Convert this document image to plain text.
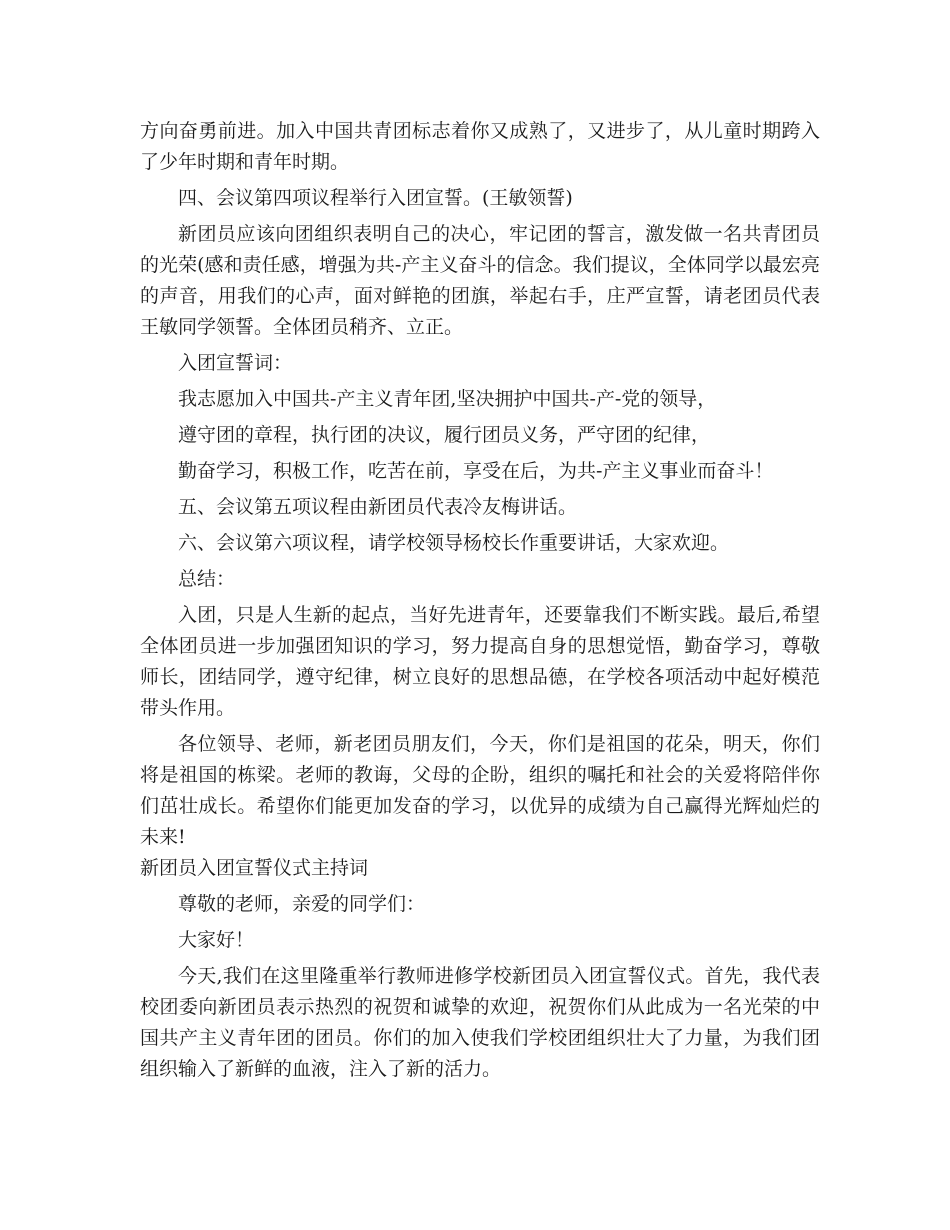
方向奋勇前进。加入中国共青团标志着你又成熟了，又进步了，从儿童时期跨入了少年时期和青年时期。

四、会议第四项议程举行入团宣誓。(王敏领誓)

新团员应该向团组织表明自己的决心，牢记团的誓言，激发做一名共青团员的光荣(感和责任感，增强为共-产主义奋斗的信念。我们提议，全体同学以最宏亮的声音，用我们的心声，面对鲜艳的团旗，举起右手，庄严宣誓，请老团员代表王敏同学领誓。全体团员稍齐、立正。

入团宣誓词：

我志愿加入中国共-产主义青年团,坚决拥护中国共-产-党的领导，

遵守团的章程，执行团的决议，履行团员义务，严守团的纪律，

勤奋学习，积极工作，吃苦在前，享受在后，为共-产主义事业而奋斗！

五、会议第五项议程由新团员代表冷友梅讲话。

六、会议第六项议程，请学校领导杨校长作重要讲话，大家欢迎。

总结：

入团，只是人生新的起点，当好先进青年，还要靠我们不断实践。最后,希望全体团员进一步加强团知识的学习，努力提高自身的思想觉悟，勤奋学习，尊敬师长，团结同学，遵守纪律，树立良好的思想品德，在学校各项活动中起好模范带头作用。

各位领导、老师，新老团员朋友们，今天，你们是祖国的花朵，明天，你们将是祖国的栋梁。老师的教诲，父母的企盼，组织的嘱托和社会的关爱将陪伴你们茁壮成长。希望你们能更加发奋的学习，以优异的成绩为自己赢得光辉灿烂的未来!

新团员入团宣誓仪式主持词

尊敬的老师，亲爱的同学们：

大家好！

今天,我们在这里隆重举行教师进修学校新团员入团宣誓仪式。首先，我代表校团委向新团员表示热烈的祝贺和诚挚的欢迎，祝贺你们从此成为一名光荣的中国共产主义青年团的团员。你们的加入使我们学校团组织壮大了力量，为我们团组织输入了新鲜的血液，注入了新的活力。
